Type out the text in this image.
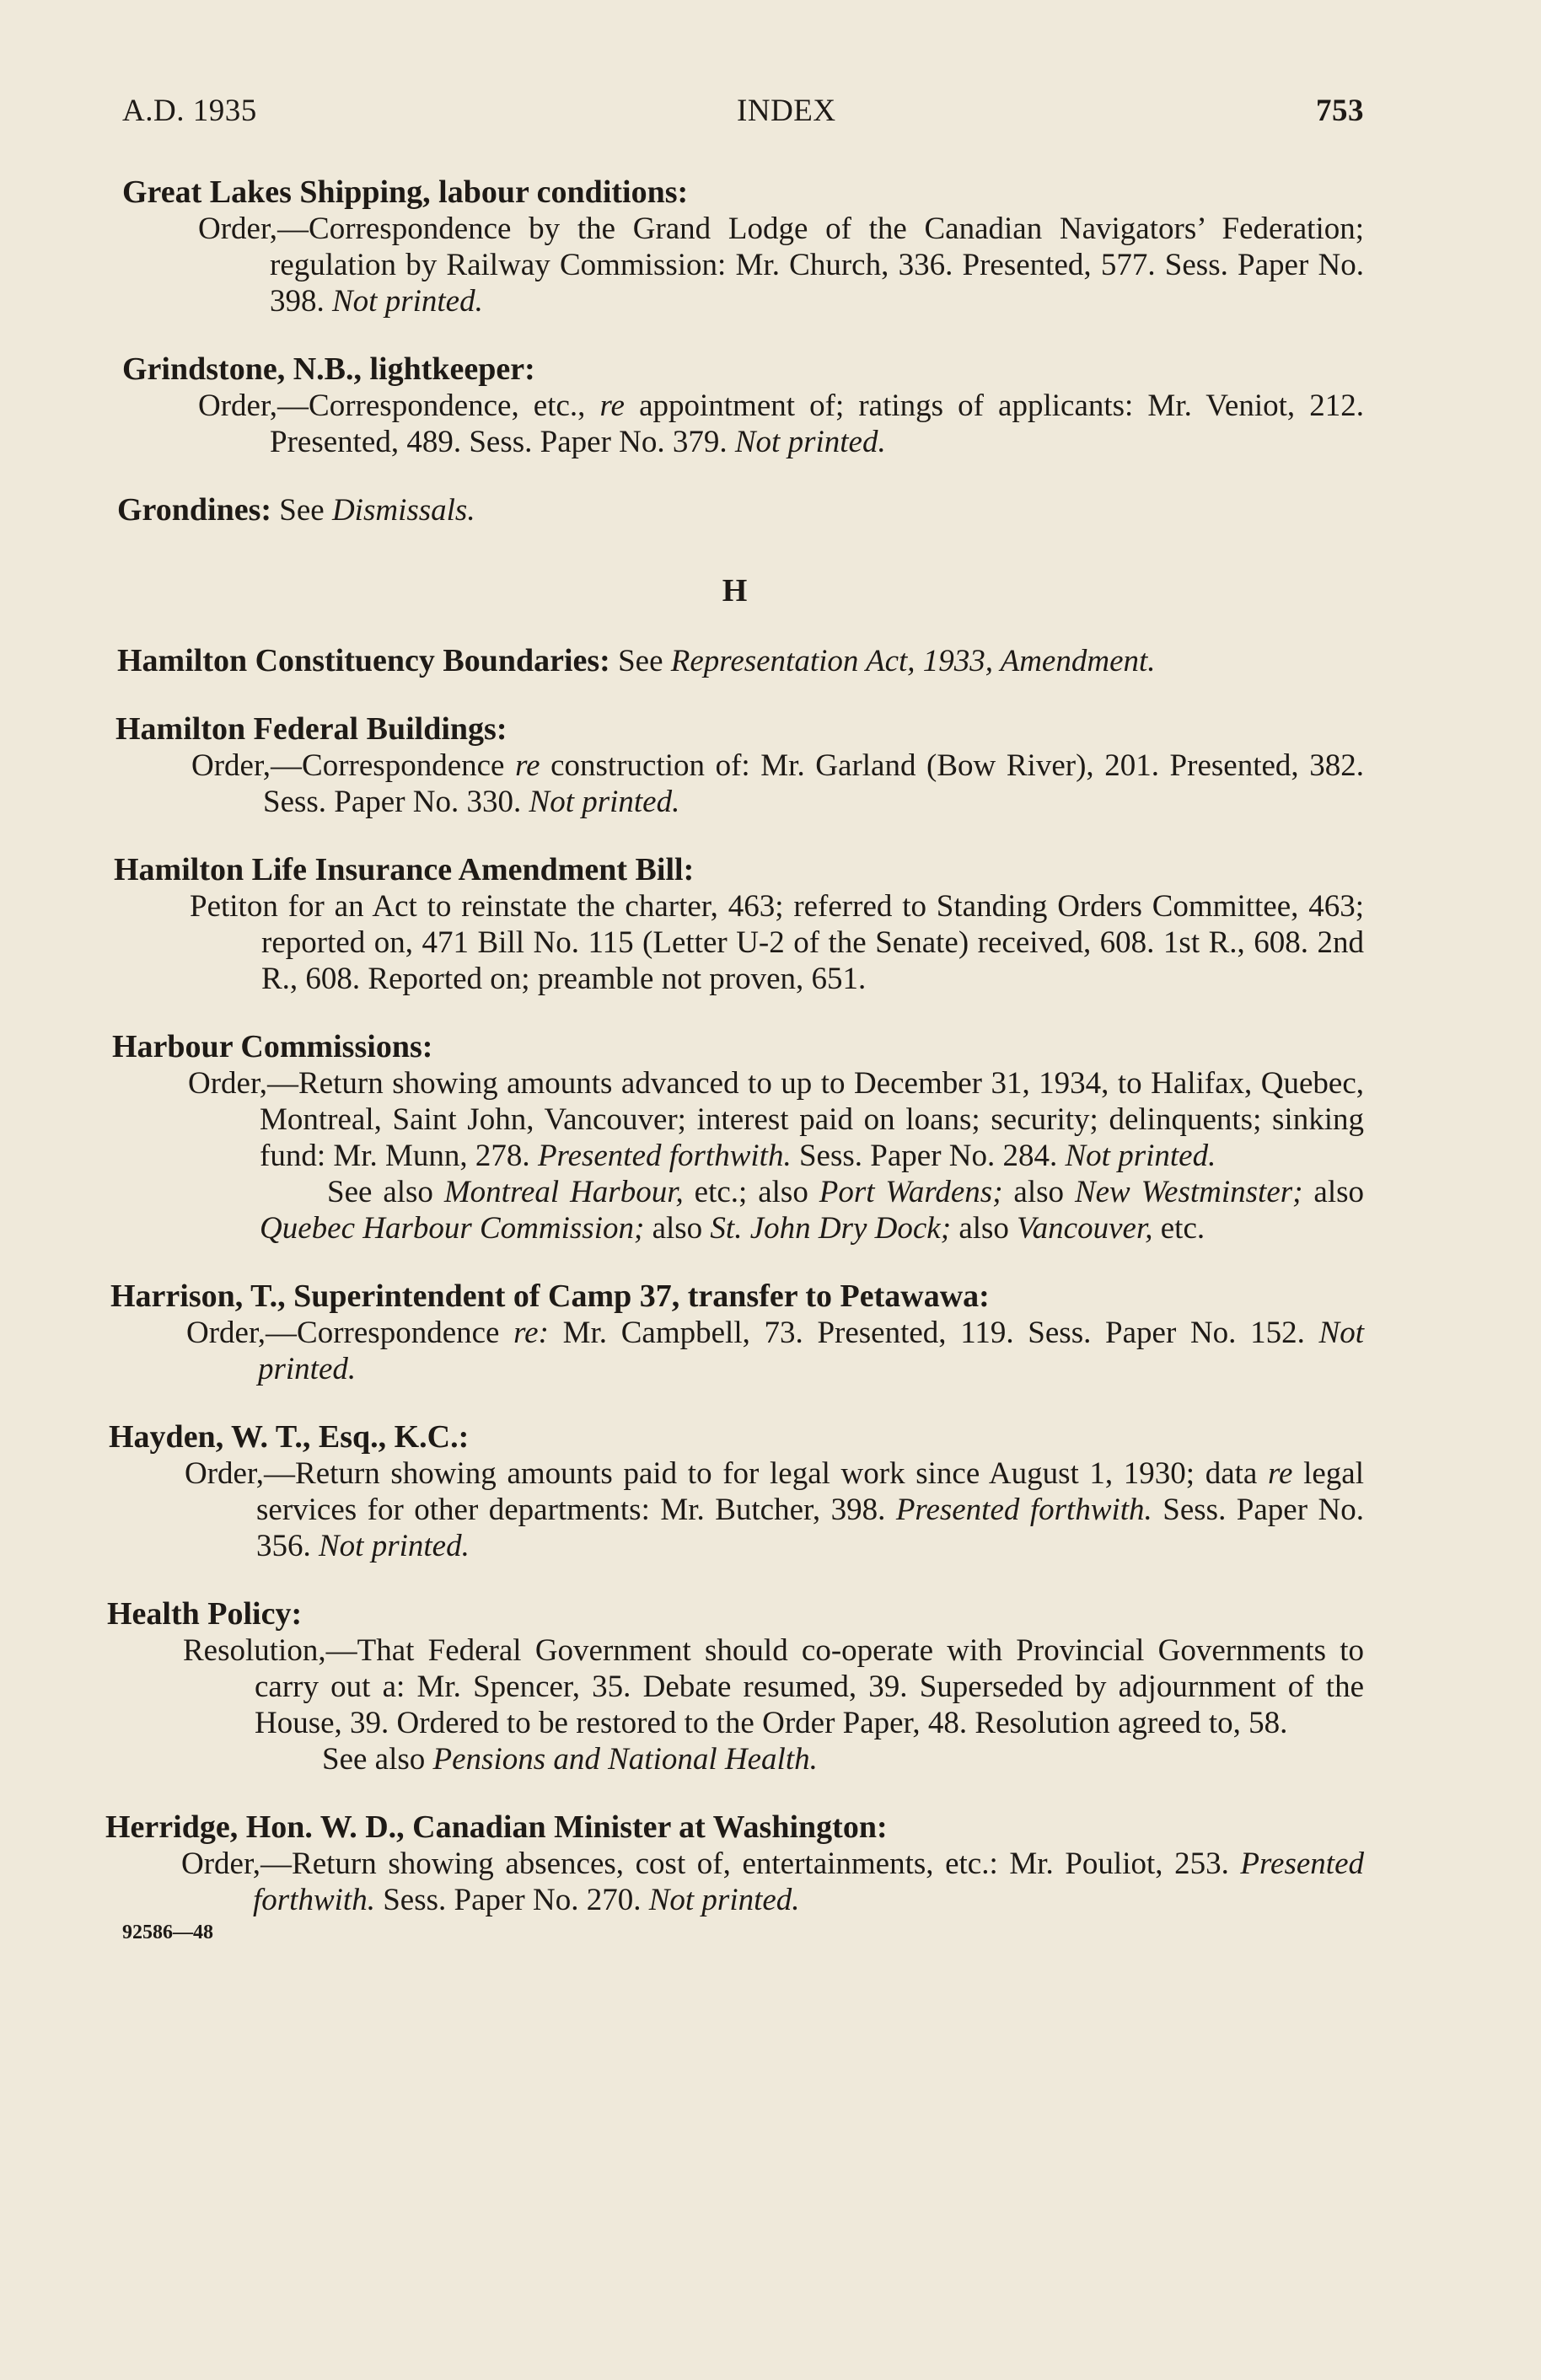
A.D. 1935	INDEX	753
Great Lakes Shipping, labour conditions:
Order,—Correspondence by the Grand Lodge of the Canadian Navigators’ Federation; regulation by Railway Commission: Mr. Church, 336. Presented, 577. Sess. Paper No. 398. Not printed.
Grindstone, N.B., lightkeeper:
Order,—Correspondence, etc., re appointment of; ratings of applicants: Mr. Veniot, 212. Presented, 489. Sess. Paper No. 379. Not printed.
Grondines: See Dismissals.
H
Hamilton Constituency Boundaries: See Representation Act, 1933, Amendment.
Hamilton Federal Buildings:
Order,—Correspondence re construction of: Mr. Garland (Bow River), 201. Presented, 382. Sess. Paper No. 330. Not printed.
Hamilton Life Insurance Amendment Bill:
Petiton for an Act to reinstate the charter, 463; referred to Standing Orders Committee, 463; reported on, 471 Bill No. 115 (Letter U-2 of the Senate) received, 608. 1st R., 608. 2nd R., 608. Reported on; preamble not proven, 651.
Harbour Commissions:
Order,—Return showing amounts advanced to up to December 31, 1934, to Halifax, Quebec, Montreal, Saint John, Vancouver; interest paid on loans; security; delinquents; sinking fund: Mr. Munn, 278. Presented forthwith. Sess. Paper No. 284. Not printed.
See also Montreal Harbour, etc.; also Port Wardens; also New Westminster; also Quebec Harbour Commission; also St. John Dry Dock; also Vancouver, etc.
Harrison, T., Superintendent of Camp 37, transfer to Petawawa:
Order,—Correspondence re: Mr. Campbell, 73. Presented, 119. Sess. Paper No. 152. Not printed.
Hayden, W. T., Esq., K.C.:
Order,—Return showing amounts paid to for legal work since August 1, 1930; data re legal services for other departments: Mr. Butcher, 398. Presented forthwith. Sess. Paper No. 356. Not printed.
Health Policy:
Resolution,—That Federal Government should co-operate with Provincial Governments to carry out a: Mr. Spencer, 35. Debate resumed, 39. Superseded by adjournment of the House, 39. Ordered to be restored to the Order Paper, 48. Resolution agreed to, 58.
See also Pensions and National Health.
Herridge, Hon. W. D., Canadian Minister at Washington:
Order,—Return showing absences, cost of, entertainments, etc.: Mr. Pouliot, 253. Presented forthwith. Sess. Paper No. 270. Not printed.
92586—48
